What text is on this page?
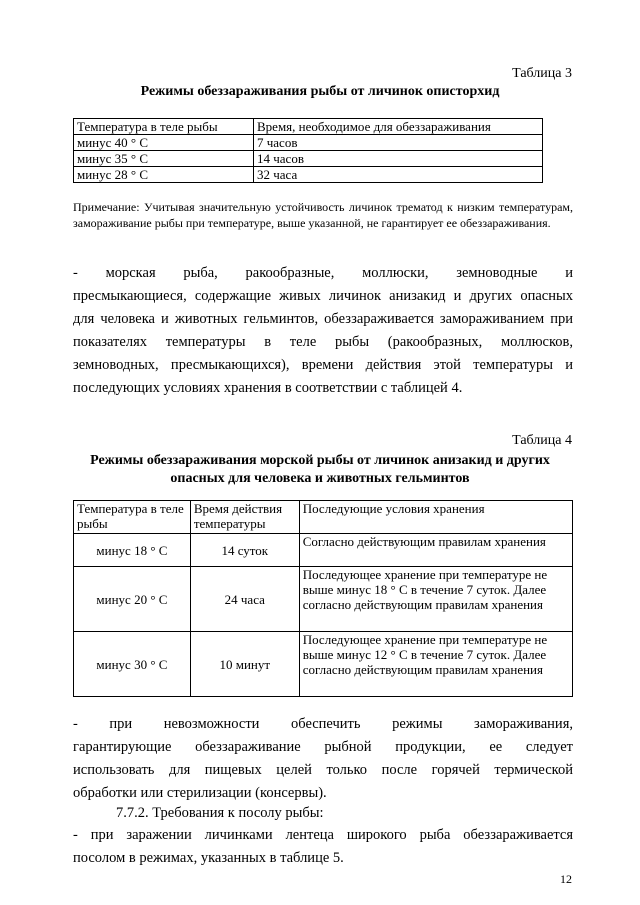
Таблица 3
Режимы обеззараживания рыбы от личинок описторхид
Температура в теле рыбы	Время, необходимое для обеззараживания
минус 40 ° С	7 часов
минус 35 ° С	14 часов
минус 28 ° С	32 часа
Примечание: Учитывая значительную устойчивость личинок трематод к низким температурам, замораживание рыбы при температуре, выше указанной, не гарантирует ее обеззараживания.
- морская рыба, ракообразные, моллюски, земноводные и
пресмыкающиеся, содержащие живых личинок анизакид и других опасных
для человека и животных гельминтов, обеззараживается замораживанием при
показателях температуры в теле рыбы (ракообразных, моллюсков,
земноводных, пресмыкающихся), времени действия этой температуры и
последующих условиях хранения в соответствии с таблицей 4.
Таблица 4
Режимы обеззараживания морской рыбы от личинок анизакид и других
опасных для человека и животных гельминтов
Температура в теле рыбы	Время действия температуры	Последующие условия хранения
минус 18 ° С	14 суток	Согласно действующим правилам хранения
минус 20 ° С	24 часа	Последующее хранение при температуре не выше минус 18 ° С в течение 7 суток. Далее согласно действующим правилам хранения
минус 30 ° С	10 минут	Последующее хранение при температуре не выше минус 12 ° С в течение 7 суток. Далее согласно действующим правилам хранения
- при невозможности обеспечить режимы замораживания,
гарантирующие обеззараживание рыбной продукции, ее следует
использовать для пищевых целей только после горячей термической
обработки или стерилизации (консервы).
7.7.2. Требования к посолу рыбы:
- при заражении личинками лентеца широкого рыба обеззараживается
посолом в режимах, указанных в таблице 5.
12
